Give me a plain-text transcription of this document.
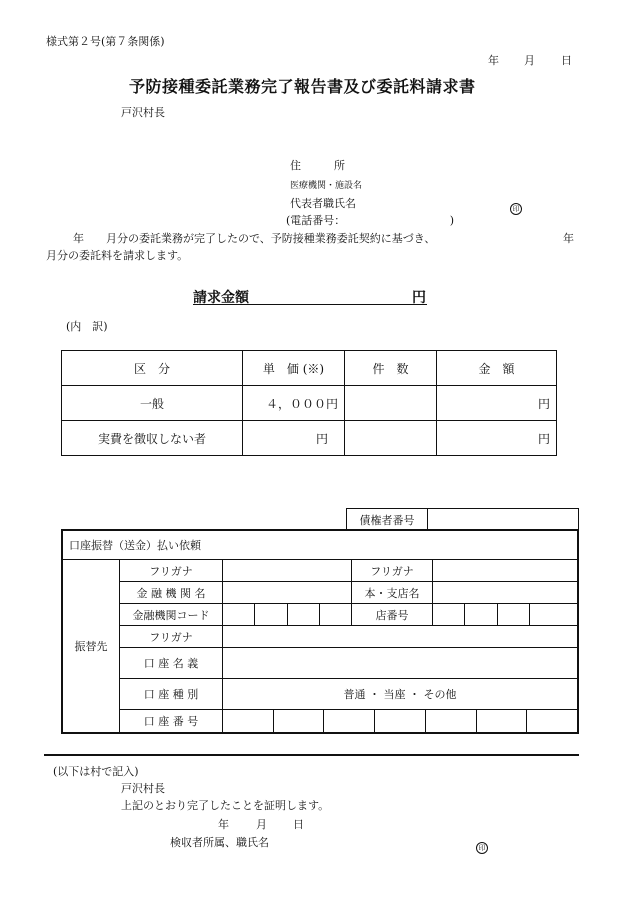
様式第２号(第７条関係)
年 月 日
予防接種委託業務完了報告書及び委託料請求書
戸沢村長
住　　　所
医療機関・施設名
代表者職氏名	印
(電話番号：　　　　　　　　　　)
年　　月分の委託業務が完了したので、予防接種業務委託契約に基づき、	年
月分の委託料を請求します。
請求金額	円
(内　訳)
区　分	単　価 (※)	件　数	金　額
一般	４，０００円		円
実費を徴収しない者	円		円
債権者番号	
口座振替（送金）払い依頼										
振替先	フリガナ					フリガナ				
	金 融 機 関 名					本・支店名				
	金融機関コード					店番号				
	フリガナ									
	口 座 名 義									
	口 座 種 別	普通 ・ 当座 ・ その他								
	口 座 番 号									
(以下は村で記入)
戸沢村長
上記のとおり完了したことを証明します。
年 月 日
検収者所属、職氏名	印
